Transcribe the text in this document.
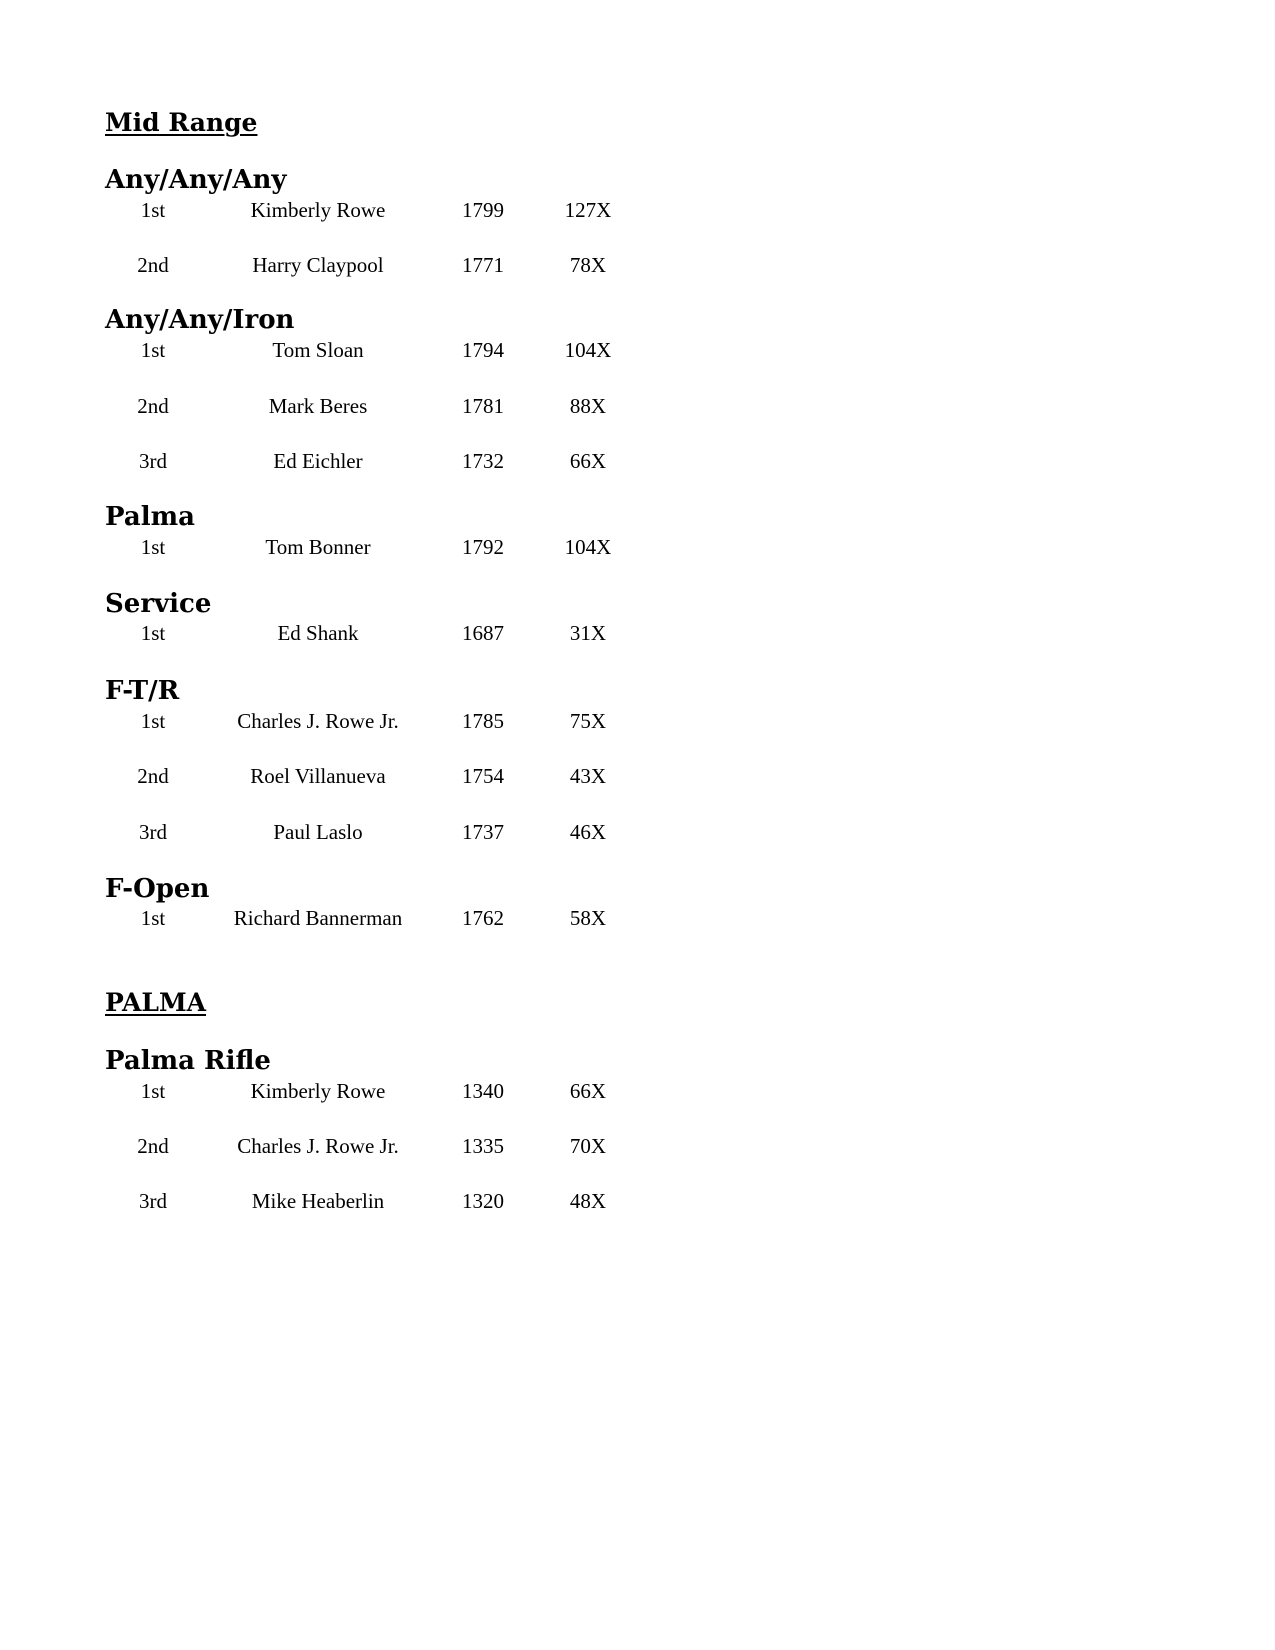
Mid Range
Any/Any/Any
1st	Kimberly Rowe	1799	127X
2nd	Harry Claypool	1771	78X
Any/Any/Iron
1st	Tom Sloan	1794	104X
2nd	Mark Beres	1781	88X
3rd	Ed Eichler	1732	66X
Palma
1st	Tom Bonner	1792	104X
Service
1st	Ed Shank	1687	31X
F-T/R
1st	Charles J. Rowe Jr.	1785	75X
2nd	Roel Villanueva	1754	43X
3rd	Paul Laslo	1737	46X
F-Open
1st	Richard Bannerman	1762	58X
PALMA
Palma Rifle
1st	Kimberly Rowe	1340	66X
2nd	Charles J. Rowe Jr.	1335	70X
3rd	Mike Heaberlin	1320	48X
